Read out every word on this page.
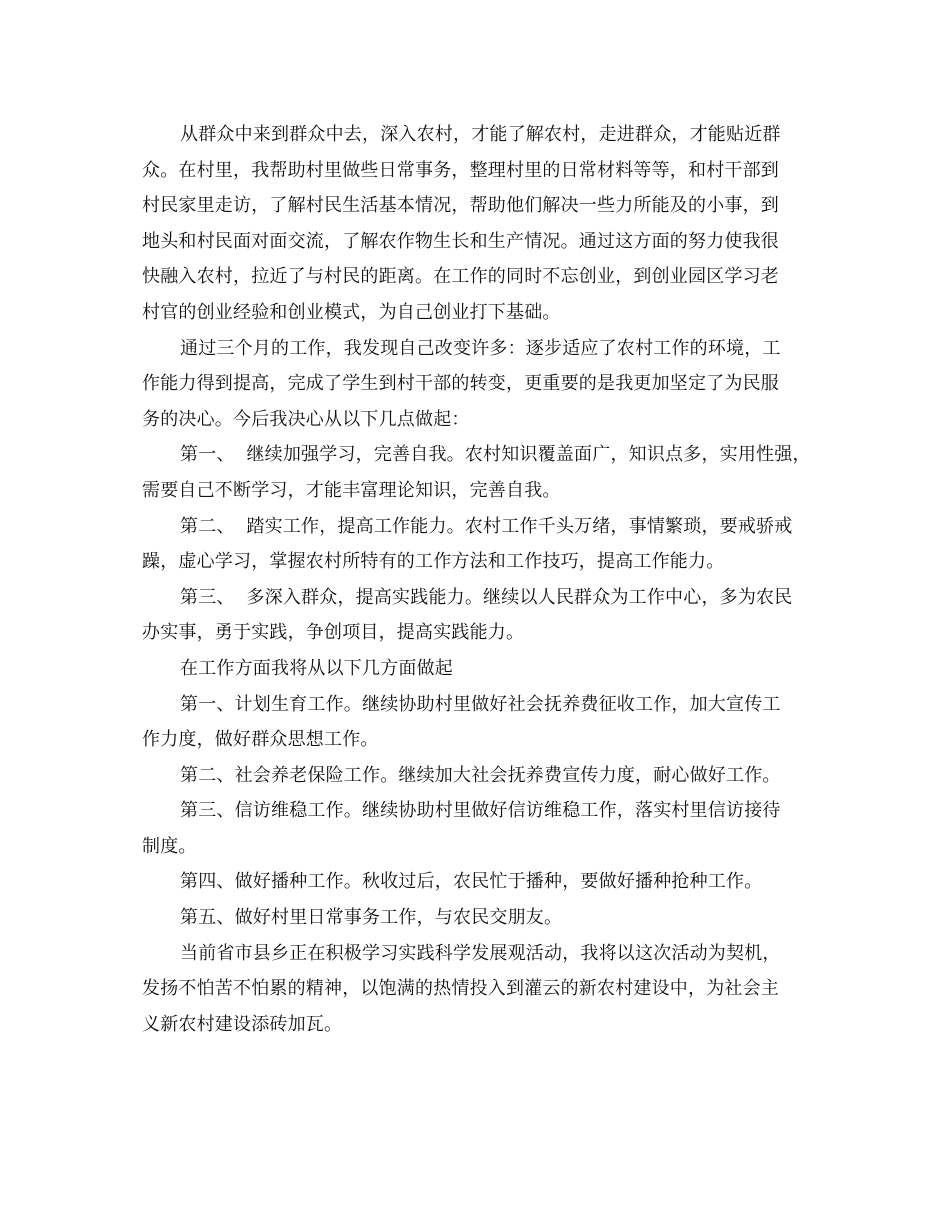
从群众中来到群众中去，深入农村，才能了解农村，走进群众，才能贴近群
众。在村里，我帮助村里做些日常事务，整理村里的日常材料等等，和村干部到
村民家里走访，了解村民生活基本情况，帮助他们解决一些力所能及的小事，到
地头和村民面对面交流，了解农作物生长和生产情况。通过这方面的努力使我很
快融入农村，拉近了与村民的距离。在工作的同时不忘创业，到创业园区学习老
村官的创业经验和创业模式，为自己创业打下基础。
通过三个月的工作，我发现自己改变许多：逐步适应了农村工作的环境，工
作能力得到提高，完成了学生到村干部的转变，更重要的是我更加坚定了为民服
务的决心。今后我决心从以下几点做起：
第一、  继续加强学习，完善自我。农村知识覆盖面广，知识点多，实用性强，
需要自己不断学习，才能丰富理论知识，完善自我。
第二、  踏实工作，提高工作能力。农村工作千头万绪，事情繁琐，要戒骄戒
躁，虚心学习，掌握农村所特有的工作方法和工作技巧，提高工作能力。
第三、  多深入群众，提高实践能力。继续以人民群众为工作中心，多为农民
办实事，勇于实践，争创项目，提高实践能力。
在工作方面我将从以下几方面做起
第一、计划生育工作。继续协助村里做好社会抚养费征收工作，加大宣传工
作力度，做好群众思想工作。
第二、社会养老保险工作。继续加大社会抚养费宣传力度，耐心做好工作。
第三、信访维稳工作。继续协助村里做好信访维稳工作，落实村里信访接待
制度。
第四、做好播种工作。秋收过后，农民忙于播种，要做好播种抢种工作。
第五、做好村里日常事务工作，与农民交朋友。
当前省市县乡正在积极学习实践科学发展观活动，我将以这次活动为契机，
发扬不怕苦不怕累的精神，以饱满的热情投入到灌云的新农村建设中，为社会主
义新农村建设添砖加瓦。
